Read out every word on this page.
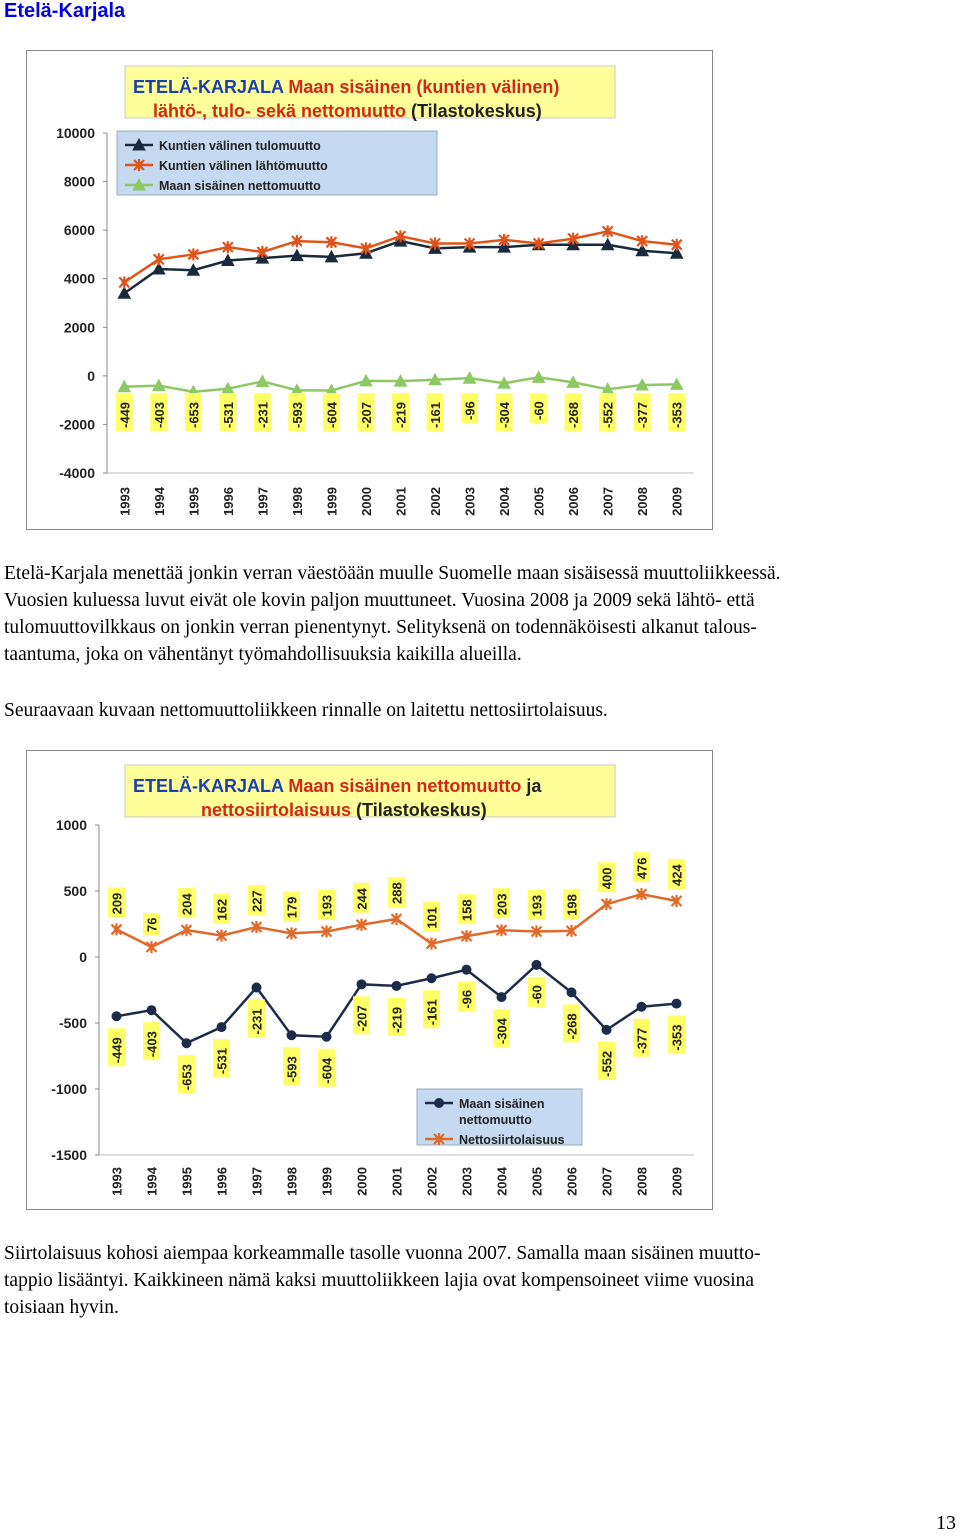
Etelä-Karjala
ETELÄ-KARJALA Maan sisäinen (kuntien välinen)
lähtö-, tulo- sekä nettomuutto (Tilastokeskus)
10000
8000
6000
4000
2000
0
-2000
-4000
1993 1994 1995 1996 1997 1998 1999 2000 2001 2002 2003 2004 2005 2006 2007 2008 2009
-449 -403 -653 -531 -231 -593 -604 -207 -219 -161 -96 -304 -60 -268 -552 -377 -353
Kuntien välinen tulomuutto
Kuntien välinen lähtömuutto
Maan sisäinen nettomuutto

Etelä-Karjala menettää jonkin verran väestöään muulle Suomelle maan sisäisessä muuttoliikkeessä.
Vuosien kuluessa luvut eivät ole kovin paljon muuttuneet. Vuosina 2008 ja 2009 sekä lähtö- että
tulomuuttovilkkaus on jonkin verran pienentynyt. Selityksenä on todennäköisesti alkanut talous-
taantuma, joka on vähentänyt työmahdollisuuksia kaikilla alueilla.

Seuraavaan kuvaan nettomuuttoliikkeen rinnalle on laitettu nettosiirtolaisuus.

ETELÄ-KARJALA Maan sisäinen nettomuutto ja
nettosiirtolaisuus (Tilastokeskus)
1000
500
0
-500
-1000
-1500
1993 1994 1995 1996 1997 1998 1999 2000 2001 2002 2003 2004 2005 2006 2007 2008 2009
-449 -403
-653
-531
-231
-593 -604
-207 -219 -161 -96
-304
-60
-268
-552
-377 -353
209
76
204 162 227 179 193 244 288
101 158 203 193 198
400 476 424
Maan sisäinen
nettomuutto
Nettosiirtolaisuus

Siirtolaisuus kohosi aiempaa korkeammalle tasolle vuonna 2007. Samalla maan sisäinen muutto-
tappio lisääntyi. Kaikkineen nämä kaksi muuttoliikkeen lajia ovat kompensoineet viime vuosina
toisiaan hyvin.

13
